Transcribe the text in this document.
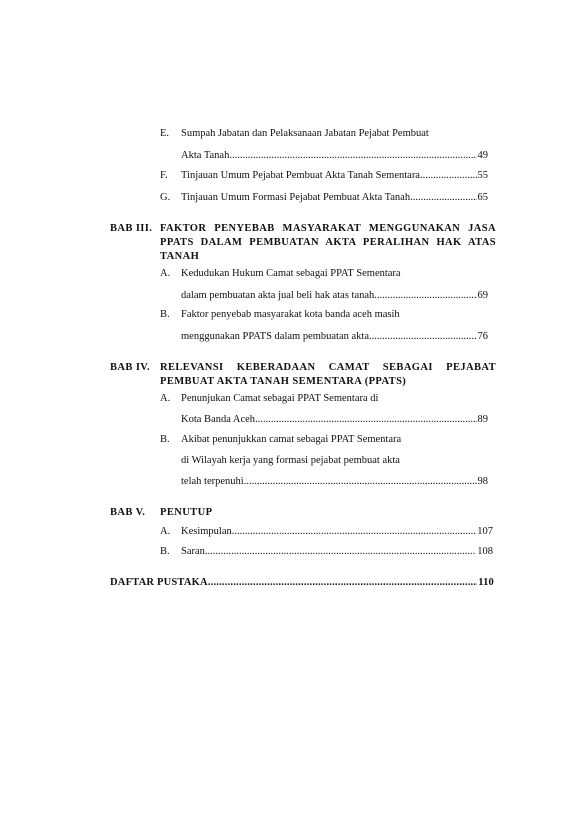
E.	Sumpah Jabatan dan Pelaksanaan Jabatan Pejabat Pembuat
Akta Tanah .....	49
F.	Tinjauan Umum Pejabat Pembuat Akta Tanah Sementara .....	55
G.	Tinjauan Umum Formasi Pejabat Pembuat Akta Tanah .....	65
BAB III. FAKTOR PENYEBAB MASYARAKAT MENGGUNAKAN JASA
PPATS DALAM PEMBUATAN AKTA PERALIHAN HAK ATAS
TANAH
A.	Kedudukan Hukum Camat sebagai PPAT Sementara
dalam pembuatan akta jual beli hak atas tanah .....	69
B.	Faktor penyebab masyarakat kota banda aceh masih
menggunakan PPATS dalam pembuatan akta .....	76
BAB IV. RELEVANSI KEBERADAAN CAMAT SEBAGAI PEJABAT
PEMBUAT AKTA TANAH SEMENTARA (PPATS)
A.	Penunjukan Camat sebagai PPAT Sementara di
Kota Banda Aceh .....	89
B.	Akibat penunjukkan camat sebagai PPAT Sementara
di Wilayah kerja yang formasi pejabat pembuat akta
telah terpenuhi .....	98
BAB V. PENUTUP
A.	Kesimpulan .....	107
B.	Saran .....	108
DAFTAR PUSTAKA .....	110
